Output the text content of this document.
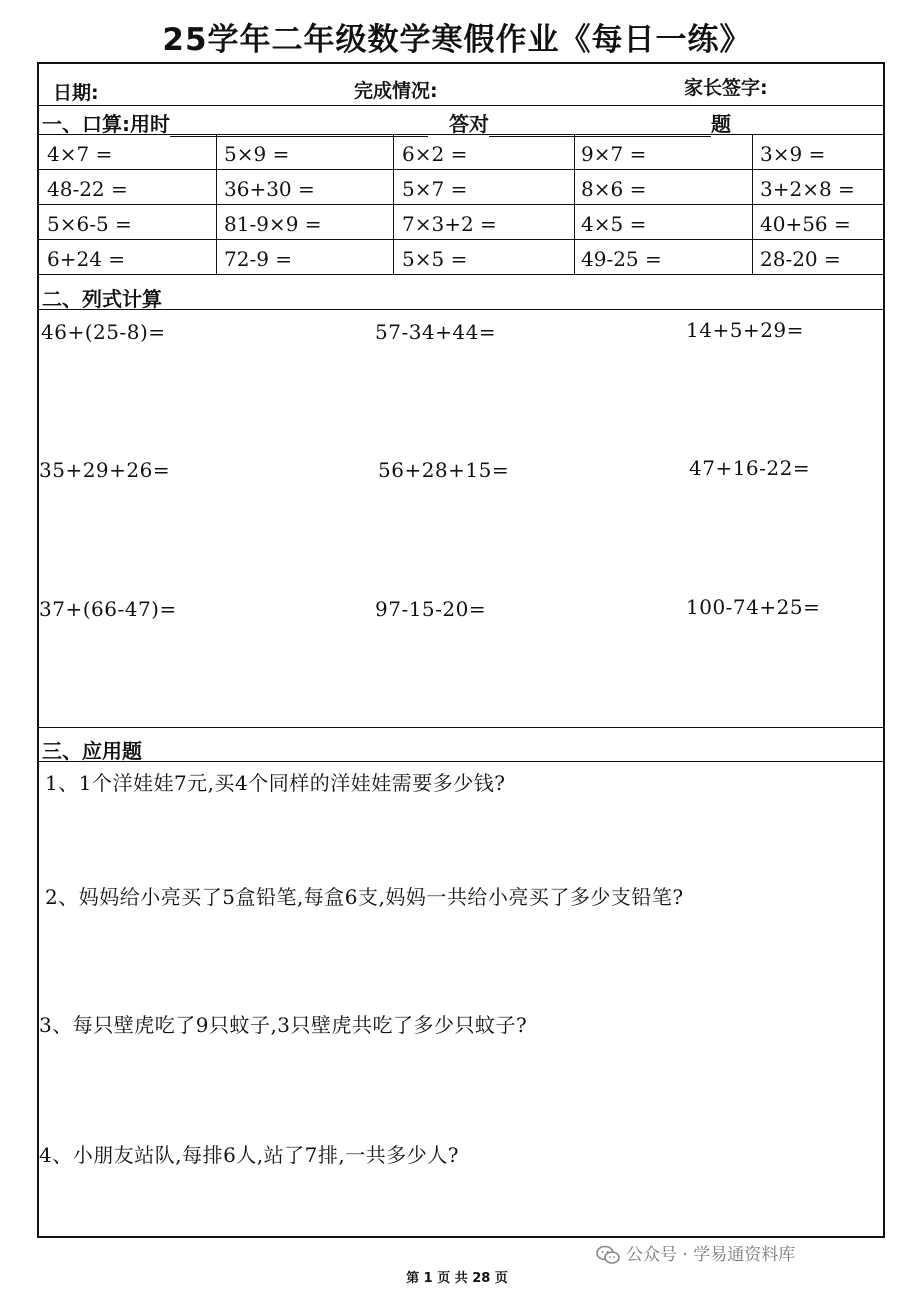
25学年二年级数学寒假作业《每日一练》
日期:	完成情况:	家长签字:
一、口算:用时	答对	题
4×7 =	5×9 =	6×2 =	9×7 =	3×9 =
48-22 =	36+30 =	5×7 =	8×6 =	3+2×8 =
5×6-5 =	81-9×9 =	7×3+2 =	4×5 =	40+56 =
6+24 =	72-9 =	5×5 =	49-25 =	28-20 =
二、列式计算
46+(25-8)=	57-34+44=	14+5+29=
35+29+26=	56+28+15=	47+16-22=
37+(66-47)=	97-15-20=	100-74+25=
三、应用题
1、1个洋娃娃7元,买4个同样的洋娃娃需要多少钱?
2、妈妈给小亮买了5盒铅笔,每盒6支,妈妈一共给小亮买了多少支铅笔?
3、每只壁虎吃了9只蚊子,3只壁虎共吃了多少只蚊子?
4、小朋友站队,每排6人,站了7排,一共多少人?
公众号 · 学易通资料库
第 1 页 共 28 页
